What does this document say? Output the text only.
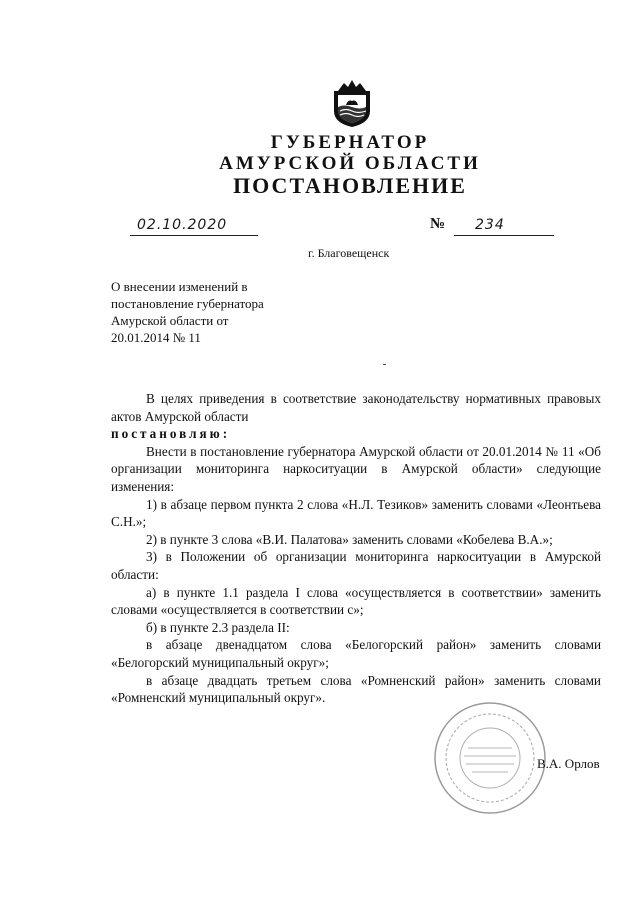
ГУБЕРНАТОР
АМУРСКОЙ ОБЛАСТИ
ПОСТАНОВЛЕНИЕ
02.10.2020	№ 234
г. Благовещенск
О внесении изменений в
постановление губернатора
Амурской области от
20.01.2014 № 11

В целях приведения в соответствие законодательству нормативных правовых актов Амурской области

постановляю:

Внести в постановление губернатора Амурской области от 20.01.2014 № 11 «Об организации мониторинга наркоситуации в Амурской области» следующие изменения:

1) в абзаце первом пункта 2 слова «Н.Л. Тезиков» заменить словами «Леонтьева С.Н.»;

2) в пункте 3 слова «В.И. Палатова» заменить словами «Кобелева В.А.»;

3) в Положении об организации мониторинга наркоситуации в Амурской области:

а) в пункте 1.1 раздела I слова «осуществляется в соответствии» заменить словами «осуществляется в соответствии с»;

б) в пункте 2.3 раздела II:

в абзаце двенадцатом слова «Белогорский район» заменить словами «Белогорский муниципальный округ»;

в абзаце двадцать третьем слова «Ромненский район» заменить словами «Ромненский муниципальный округ».

В.А. Орлов
